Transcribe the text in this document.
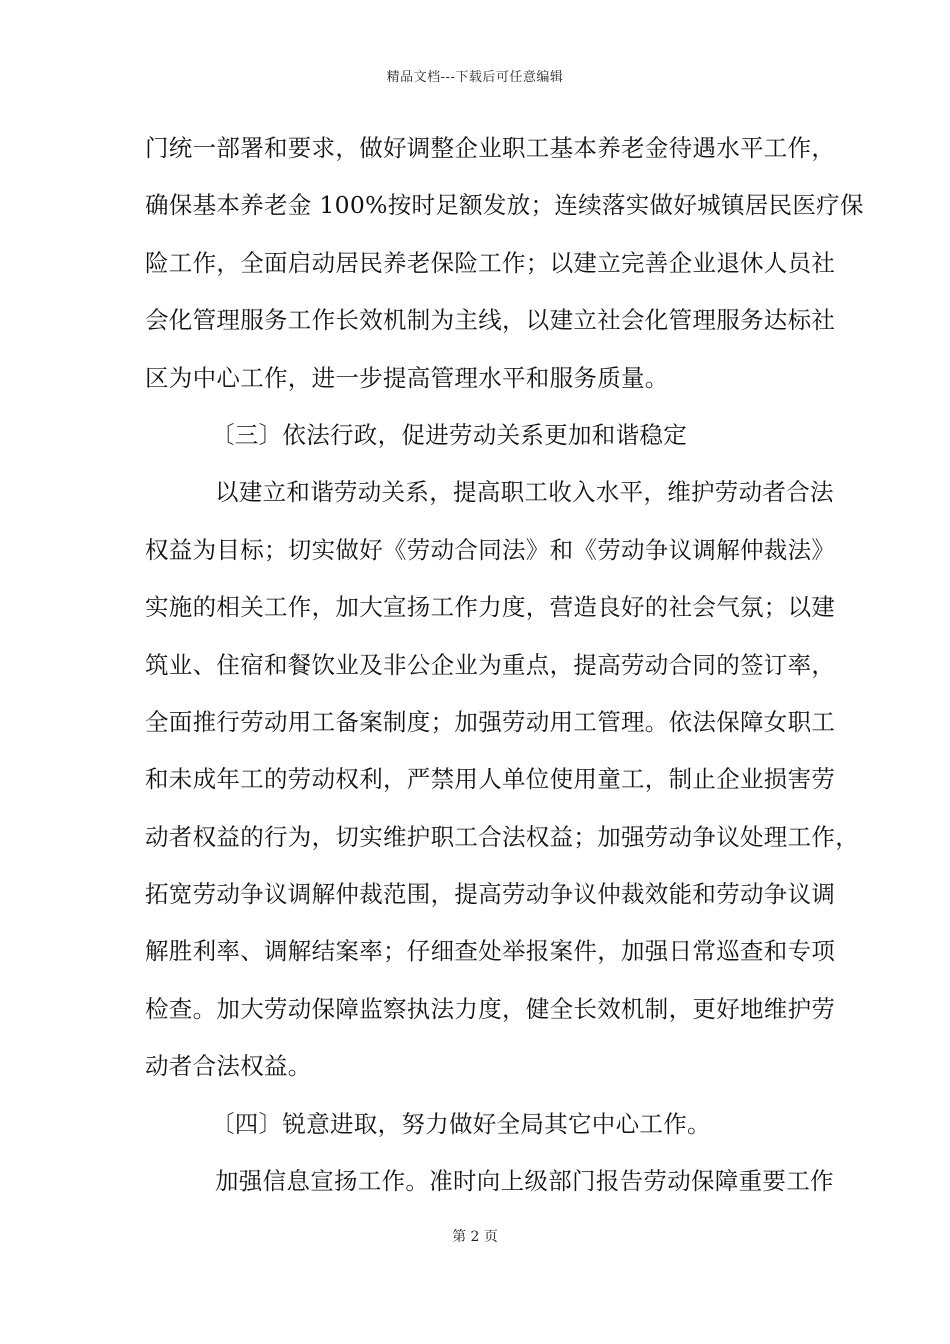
精品文档---下载后可任意编辑
门统一部署和要求，做好调整企业职工基本养老金待遇水平工作，
确保基本养老金 100%按时足额发放；连续落实做好城镇居民医疗保
险工作，全面启动居民养老保险工作；以建立完善企业退休人员社
会化管理服务工作长效机制为主线，以建立社会化管理服务达标社
区为中心工作，进一步提高管理水平和服务质量。
〔三〕依法行政，促进劳动关系更加和谐稳定
以建立和谐劳动关系，提高职工收入水平，维护劳动者合法
权益为目标；切实做好《劳动合同法》和《劳动争议调解仲裁法》
实施的相关工作，加大宣扬工作力度，营造良好的社会气氛；以建
筑业、住宿和餐饮业及非公企业为重点，提高劳动合同的签订率，
全面推行劳动用工备案制度；加强劳动用工管理。依法保障女职工
和未成年工的劳动权利，严禁用人单位使用童工，制止企业损害劳
动者权益的行为，切实维护职工合法权益；加强劳动争议处理工作，
拓宽劳动争议调解仲裁范围，提高劳动争议仲裁效能和劳动争议调
解胜利率、调解结案率；仔细查处举报案件，加强日常巡查和专项
检查。加大劳动保障监察执法力度，健全长效机制，更好地维护劳
动者合法权益。
〔四〕锐意进取，努力做好全局其它中心工作。
加强信息宣扬工作。准时向上级部门报告劳动保障重要工作
第 2 页
